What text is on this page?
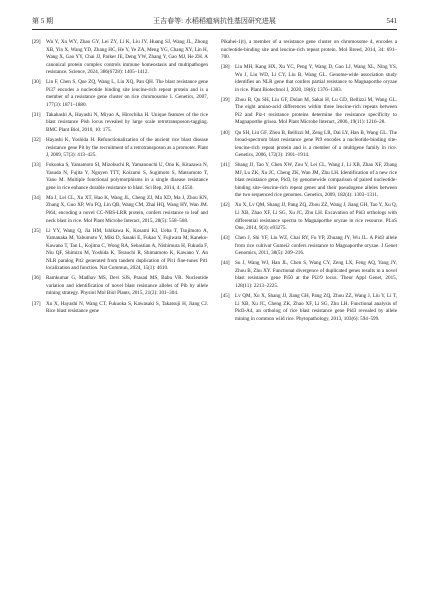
第 5 期	王吉春等: 水稻稻瘟病抗性基因研究进展	541
[29] Wu Y, Xu WY, Zhao GY, Lei ZY, Li K, Liu JY, Huang SJ, Wang JL, Zhong XB, Yin X, Wang YD, Zhang HC, He Y, Ye ZA, Meng YG, Chang XY, Lin H, Wang X, Gao YY, Chai JJ, Parker JE, Deng YW, Zhang Y, Gao MJ, He ZH. A canonical protein complex controls immune homeostasis and multipathogen resistance. Science, 2024, 386(6728): 1405–1412.
[30] Lin F, Chen S, Que ZQ, Wang L, Liu XQ, Pan QH. The blast resistance gene Pi37 encodes a nucleotide binding site leucine-rich repeat protein and is a member of a resistance gene cluster on rice chromosome 1. Genetics, 2007, 177(3): 1871–1880.
[31] Takahashi A, Hayashi N, Miyao A, Hirochika H. Unique features of the rice blast resistance Pish locus revealed by large scale retrotransposon-tagging. BMC Plant Biol, 2010, 10: 175.
[32] Hayashi K, Yoshida H. Refunctionalization of the ancient rice blast disease resistance gene Pit by the recruitment of a retrotransposon as a promoter. Plant J, 2009, 57(3): 413–425.
[33] Fukuoka S, Yamamoto SI, Mizobuchi R, Yamanouchi U, Ono K, Kitazawa N, Yasuda N, Fujita Y, Nguyen TTT, Koizumi S, Sugimoto S, Matsumoto T, Yano M. Multiple functional polymorphisms in a single disease resistance gene in rice enhance durable resistance to blast. Sci Rep, 2014, 4: 4550.
[34] Ma J, Lei CL, Xu XT, Hao K, Wang JL, Cheng ZJ, Ma XD, Ma J, Zhou KN, Zhang X, Guo XP, Wu FQ, Lin QB, Wang CM, Zhai HQ, Wang HY, Wan JM. Pi64, encoding a novel CC-NBS-LRR protein, confers resistance to leaf and neck blast in rice. Mol Plant Microbe Interact, 2015, 28(5): 558–568.
[35] Li YY, Wang Q, Jia HM, Ishikawa K, Kosami KI, Ueba T, Tsujimoto A, Yamanaka M, Yabumoto Y, Miki D, Sasaki E, Fukao Y, Fujiwara M, Kaneko-Kawano T, Tan L, Kojima C, Wong RA, Sebastian A, Nishimura H, Fukuda F, Niu QF, Shimizu M, Yoshida K, Terauchi R, Shimamoto K, Kawano Y. An NLR paralog Pit2 generated from tandem duplication of Pit1 fine-tunes Pit1 localization and function. Nat Commun, 2024, 15(1): 4610.
[36] Ramkumar G, Madhav MS, Devi SJS, Prasad MS, Babu VR. Nucleotide variation and identification of novel blast resistance alleles of Pib by allele mining strategy. Physiol Mol Biol Plants, 2015, 21(2): 301–304.
[37] Xu X, Hayashi N, Wang CT, Fukuoka S, Kawasaki S, Takatsuji H, Jiang CJ. Rice blast resistance gene
Pikahei-1(t), a member of a resistance gene cluster on chromosome 4, encodes a nucleotide-binding site and leucine-rich repeat protein. Mol Breed, 2014, 34: 691–700.
[38] Liu MH, Kang HX, Xu YC, Peng Y, Wang D, Gao LJ, Wang XL, Ning YS, Wu J, Liu WD, Li CY, Liu B, Wang GL. Genome-wide association study identifies an NLR gene that confers partial resistance to Magnaporthe oryzae in rice. Plant Biotechnol J, 2020, 18(6): 1376–1383.
[39] Zhou B, Qu SH, Liu GF, Dolan M, Sakai H, Lu GD, Bellizzi M, Wang GL. The eight amino-acid differences within three leucine-rich repeats between Pi2 and Piz-t resistance proteins determine the resistance specificity to Magnaporthe grisea. Mol Plant Microbe Interact, 2006, 19(11): 1216–28.
[40] Qu SH, Liu GF, Zhou B, Bellizzi M, Zeng LR, Dai LY, Han B, Wang GL. The broad-spectrum blast resistance gene Pi9 encodes a nucleotide-binding site-leucine-rich repeat protein and is a member of a multigene family in rice. Genetics, 2006, 172(3): 1901–1914.
[41] Shang JJ, Tao Y, Chen XW, Zou Y, Lei CL, Wang J, Li XB, Zhao XF, Zhang MJ, Lu ZK, Xu JC, Cheng ZK, Wan JM, Zhu LH. Identification of a new rice blast resistance gene, Pid3, by genomewide comparison of paired nucleotide-binding site--leucine-rich repeat genes and their pseudogene alleles between the two sequenced rice genomes. Genetics, 2009, 182(4): 1303–1311.
[42] Xu X, Lv QM, Shang JJ, Pang ZQ, Zhou ZZ, Wang J, Jiang GH, Tao Y, Xu Q, Li XB, Zhao XF, Li SG, Xu JC, Zhu LH. Excavation of Pid3 orthologs with differential resistance spectra to Magnaporthe oryzae in rice resource. PLoS One, 2014, 9(3): e93275.
[43] Chen J, Shi YF, Liu WZ, Chai RY, Fu YP, Zhuang JY, Wu JL. A Pid3 allele from rice cultivar Gumei2 confers resistance to Magnaporthe oryzae. J Genet Genomics, 2011, 38(5): 209–216.
[44] Su J, Wang WJ, Han JL, Chen S, Wang CY, Zeng LX, Feng AQ, Yang JY, Zhou B, Zhu XY. Functional divergence of duplicated genes results in a novel blast resistance gene Pi50 at the Pi2/9 locus. Theor Appl Genet, 2015, 128(11): 2213–2225.
[45] Lv QM, Xu X, Shang JJ, Jiang GH, Pang ZQ, Zhou ZZ, Wang J, Liu Y, Li T, Li XB, Xu JC, Cheng ZK, Zhao XF, Li SG, Zhu LH. Functional analysis of Pid3-A4, an ortholog of rice blast resistance gene Pid3 revealed by allele mining in common wild rice. Phytopathology, 2013, 103(6): 594–599.
